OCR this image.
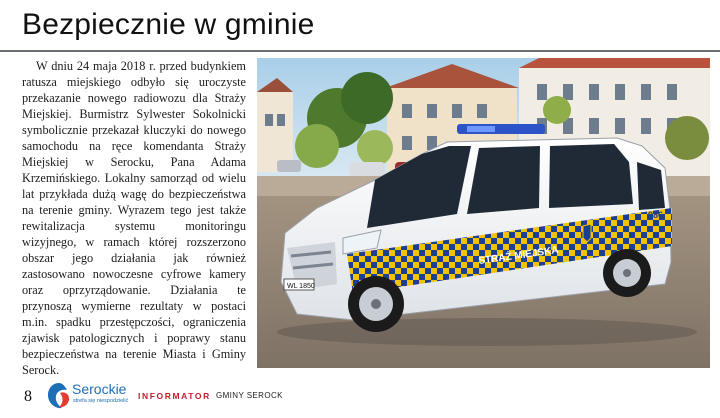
Bezpiecznie w gminie
W dniu 24 maja 2018 r. przed budynkiem ratusza miejskiego odbyło się uroczyste przekazanie nowego radiowozu dla Straży Miejskiej. Burmistrz Sylwester Sokolnicki symbolicznie przekazał kluczyki do nowego samochodu na ręce komendanta Straży Miejskiej w Serocku, Pana Adama Krzemińskiego. Lokalny samorząd od wielu lat przykłada dużą wagę do bezpieczeństwa na terenie gminy. Wyrazem tego jest także rewitalizacja systemu monitoringu wizyjnego, w ramach której rozszerzono obszar jego działania jak również zastosowano nowoczesne cyfrowe kamery oraz oprzyrządowanie. Działania te przynoszą wymierne rezultaty w postaci m.in. spadku przestępczości, ograniczenia zjawisk patologicznych i poprawy stanu bezpieczeństwa na terenie Miasta i Gminy Serock.
STRAŻ MIEJSKA
986
WL 1850
8	Serockie
strefa się niespodzielić INFORMATOR GMINY SEROCK
